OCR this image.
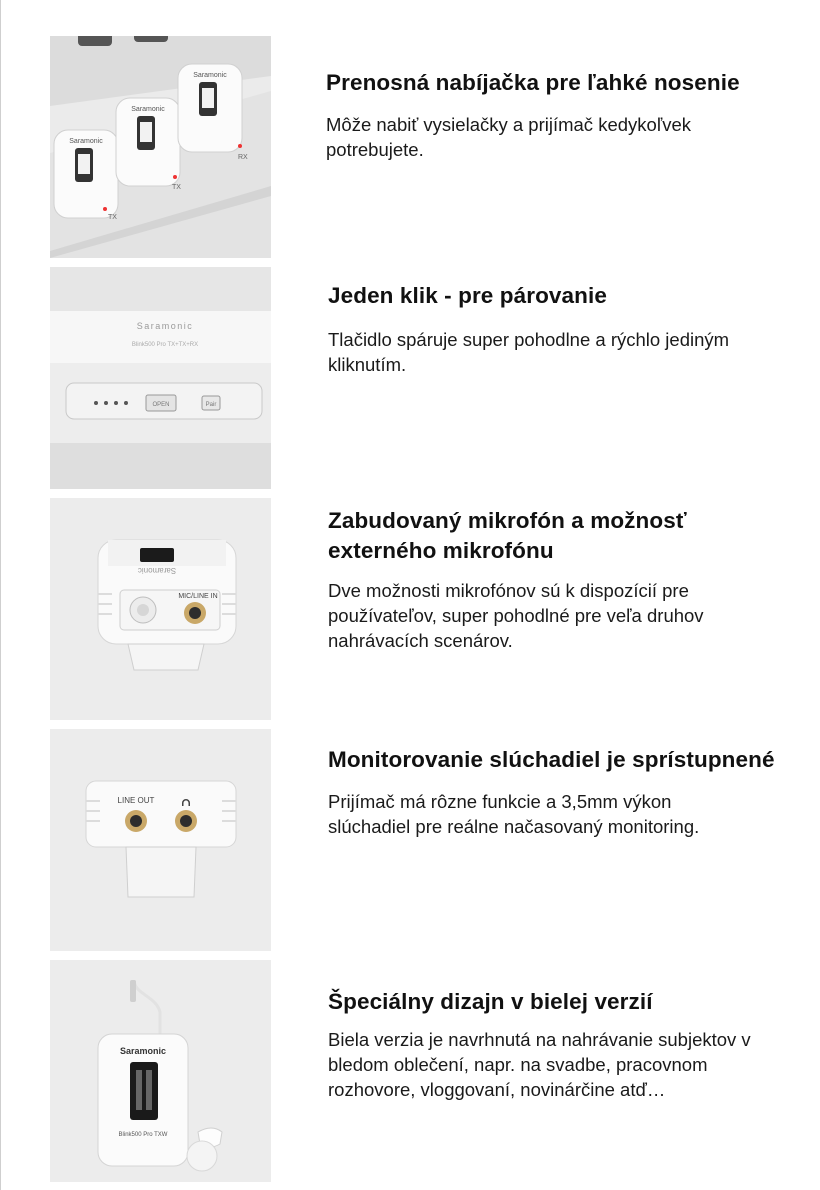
Saramonic
Saramonic
Saramonic
TX
TX
RX
Prenosná nabíjačka pre ľahké nosenie

Môže nabiť vysielačky a prijímač kedykoľvek potrebujete.

Saramonic
Blink500 Pro TX+TX+RX
OPEN	Pair
Jeden klik - pre párovanie

Tlačidlo spáruje super pohodlne a rýchlo jediným kliknutím.

Saramonic
MIC/LINE IN
Zabudovaný mikrofón a možnosť externého mikrofónu

Dve možnosti mikrofónov sú k dispozícií pre používateľov, super pohodlné pre veľa druhov nahrávacích scenárov.

LINE OUT
Monitorovanie slúchadiel je sprístupnené

Prijímač má rôzne funkcie a 3,5mm výkon slúchadiel pre reálne načasovaný monitoring.

Saramonic
Blink500 Pro TXW
Špeciálny dizajn v bielej verzií

Biela verzia je navrhnutá na nahrávanie subjektov v bledom oblečení, napr. na svadbe, pracovnom rozhovore, vloggovaní, novinárčine atď…
